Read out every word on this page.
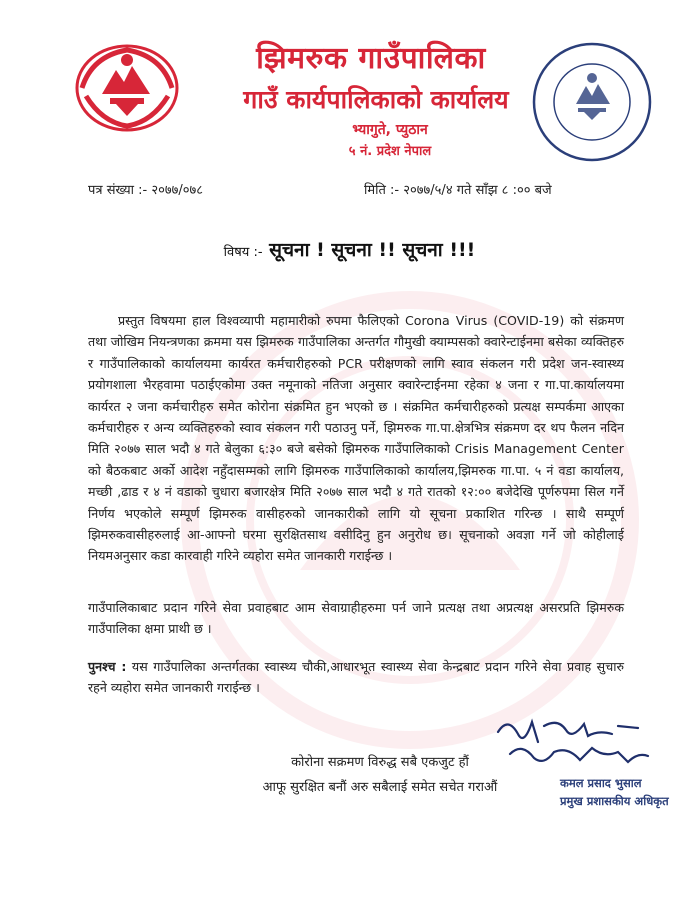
झिमरुक गाउँपालिका
गाउँ कार्यपालिकाको कार्यालय
भ्यागुते, प्युठान
५ नं. प्रदेश नेपाल
पत्र संख्या :- २०७७/०७८	मिति :- २०७७/५/४ गते साँझ ८ :०० बजे
विषय :- सूचना ! सूचना !! सूचना !!!
प्रस्तुत विषयमा हाल विश्वव्यापी महामारीको रुपमा फैलिएको Corona Virus (COVID-19) को संक्रमण तथा जोखिम नियन्त्रणका क्रममा यस झिमरुक गाउँपालिका अन्तर्गत गौमुखी क्याम्पसको क्वारेन्टाईनमा बसेका व्यक्तिहरु र गाउँपालिकाको कार्यालयमा कार्यरत कर्मचारीहरुको PCR परीक्षणको लागि स्वाव संकलन गरी प्रदेश जन-स्वास्थ्य प्रयोगशाला भैरहवामा पठाईएकोमा उक्त नमूनाको नतिजा अनुसार क्वारेन्टाईनमा रहेका ४ जना र गा.पा.कार्यालयमा कार्यरत २ जना कर्मचारीहरु समेत कोरोना संक्रमित हुन भएको छ । संक्रमित कर्मचारीहरुको प्रत्यक्ष सम्पर्कमा आएका कर्मचारीहरु र अन्य व्यक्तिहरुको स्वाव संकलन गरी पठाउनु पर्ने, झिमरुक गा.पा.क्षेत्रभित्र संक्रमण दर थप फैलन नदिन मिति २०७७ साल भदौ ४ गते बेलुका ६:३० बजे बसेको झिमरुक गाउँपालिकाको Crisis Management Center को बैठकबाट अर्को आदेश नहुँदासम्मको लागि झिमरुक गाउँपालिकाको कार्यालय,झिमरुक गा.पा. ५ नं वडा कार्यालय, मच्छी ,ढाड र ४ नं वडाको चुधारा बजारक्षेत्र मिति २०७७ साल भदौ ४ गते रातको १२:०० बजेदेखि पूर्णरुपमा सिल गर्ने निर्णय भएकोले सम्पूर्ण झिमरुक वासीहरुको जानकारीको लागि यो सूचना प्रकाशित गरिन्छ । साथै सम्पूर्ण झिमरुकवासीहरुलाई आ-आफ्नो घरमा सुरक्षितसाथ वसीदिनु हुन अनुरोध छ। सूचनाको अवज्ञा गर्ने जो कोहीलाई नियमअनुसार कडा कारवाही गरिने व्यहोरा समेत जानकारी गराईन्छ ।
गाउँपालिकाबाट प्रदान गरिने सेवा प्रवाहबाट आम सेवाग्राहीहरुमा पर्न जाने प्रत्यक्ष तथा अप्रत्यक्ष असरप्रति झिमरुक गाउँपालिका क्षमा प्राथी छ ।
पुनश्च : यस गाउँपालिका अन्तर्गतका स्वास्थ्य चौकी,आधारभूत स्वास्थ्य सेवा केन्द्रबाट प्रदान गरिने सेवा प्रवाह सुचारु रहने व्यहोरा समेत जानकारी गराईन्छ ।
कोरोना सक्रमण विरुद्ध सबै एकजुट हौं
आफू सुरक्षित बनौं अरु सबैलाई समेत सचेत गराऔं	कमल प्रसाद भुसाल
प्रमुख प्रशासकीय अधिकृत
